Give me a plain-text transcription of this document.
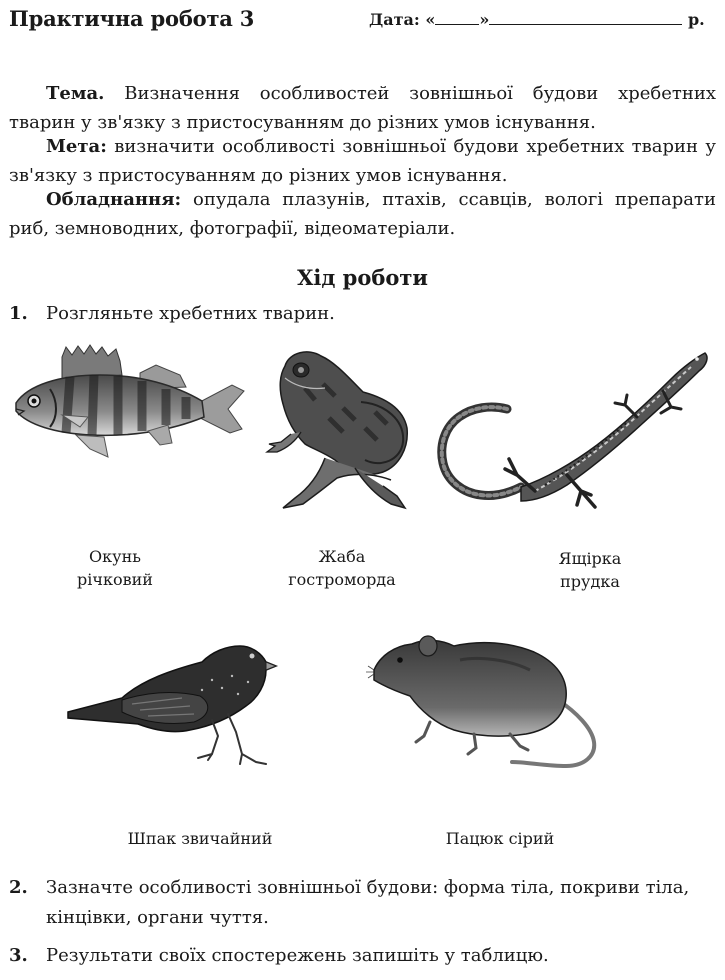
Практична робота 3	Дата: «	»	р.
Тема. Визначення особливостей зовнішньої будови хребетних тварин у зв'язку з пристосуванням до різних умов існування.
Мета: визначити особливості зовнішньої будови хребетних тварин у зв'язку з пристосуванням до різних умов існування.
Обладнання: опудала плазунів, птахів, ссавців, вологі препарати риб, земноводних, фотографії, відеоматеріали.
Хід роботи
1. Розгляньте хребетних тварин.
Окунь
річковий
Жаба
гостроморда
Ящірка
прудка
Шпак звичайний	Пацюк сірий
2. Зазначте особливості зовнішньої будови: форма тіла, покриви тіла, кінцівки, органи чуття.
3. Результати своїх спостережень запишіть у таблицю.
